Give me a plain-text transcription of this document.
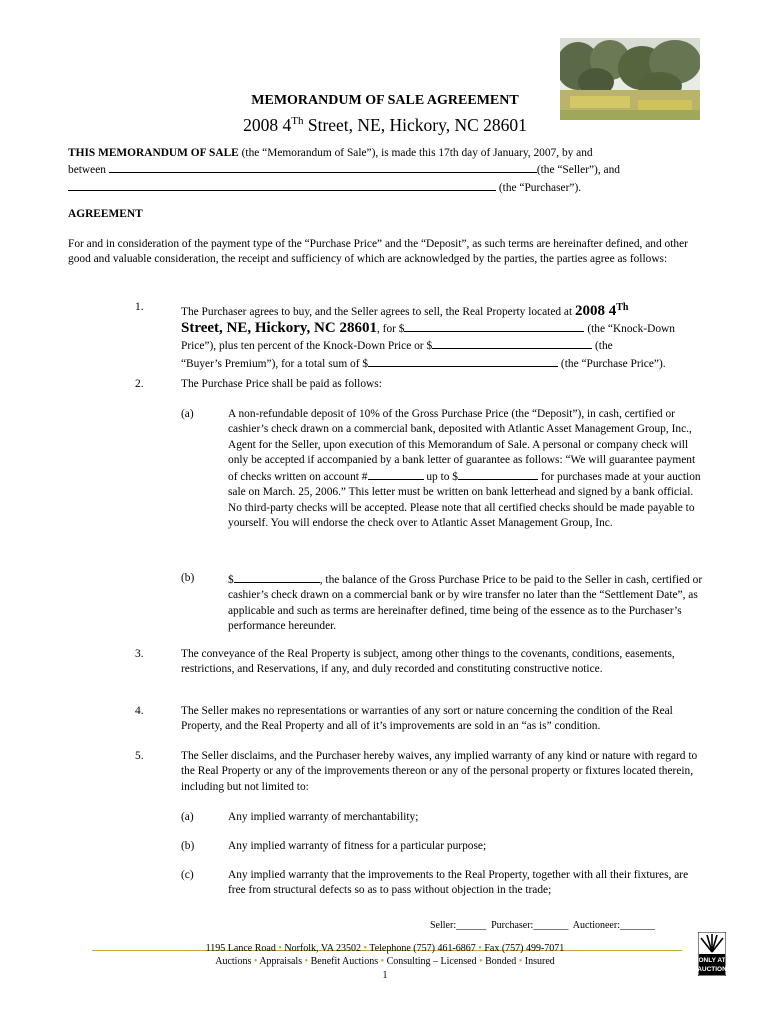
MEMORANDUM OF SALE AGREEMENT
2008 4Th Street, NE, Hickory, NC 28601
THIS MEMORANDUM OF SALE (the “Memorandum of Sale”), is made this 17th day of January, 2007, by and
between	(the “Seller”), and
(the “Purchaser”).
AGREEMENT
For and in consideration of the payment type of the “Purchase Price” and the “Deposit”, as such terms are hereinafter defined, and other good and valuable consideration, the receipt and sufficiency of which are acknowledged by the parties, the parties agree as follows:
1.	The Purchaser agrees to buy, and the Seller agrees to sell, the Real Property located at 2008 4Th
Street, NE, Hickory, NC 28601, for $	(the “Knock-Down
Price”), plus ten percent of the Knock-Down Price or $	(the
“Buyer’s Premium”), for a total sum of $	(the “Purchase Price”).
2.	The Purchase Price shall be paid as follows:
(a)	A non-refundable deposit of 10% of the Gross Purchase Price (the “Deposit”), in cash, certified or cashier’s check drawn on a commercial bank, deposited with Atlantic Asset Management Group, Inc., Agent for the Seller, upon execution of this Memorandum of Sale. A personal or company check will only be accepted if accompanied by a bank letter of guarantee as follows: “We will guarantee payment of checks written on account #	up to $	for purchases made at your auction sale on March. 25, 2006.” This letter must be written on bank letterhead and signed by a bank official. No third-party checks will be accepted. Please note that all certified checks should be made payable to yourself. You will endorse the check over to Atlantic Asset Management Group, Inc.
(b)	$	, the balance of the Gross Purchase Price to be paid to the Seller in cash, certified or cashier’s check drawn on a commercial bank or by wire transfer no later than the “Settlement Date”, as applicable and such as terms are hereinafter defined, time being of the essence as to the Purchaser’s performance hereunder.
3.	The conveyance of the Real Property is subject, among other things to the covenants, conditions, easements, restrictions, and Reservations, if any, and duly recorded and constituting constructive notice.
4.	The Seller makes no representations or warranties of any sort or nature concerning the condition of the Real Property, and the Real Property and all of it’s improvements are sold in an “as is” condition.
5.	The Seller disclaims, and the Purchaser hereby waives, any implied warranty of any kind or nature with regard to the Real Property or any of the improvements thereon or any of the personal property or fixtures located therein, including but not limited to:
(a)	Any implied warranty of merchantability;
(b)	Any implied warranty of fitness for a particular purpose;
(c)	Any implied warranty that the improvements to the Real Property, together with all their fixtures, are free from structural defects so as to pass without objection in the trade;
Seller:______ Purchaser:_______ Auctioneer:_______
1195 Lance Road • Norfolk, VA 23502 • Telephone (757) 461-6867 • Fax (757) 499-7071
Auctions • Appraisals • Benefit Auctions • Consulting – Licensed • Bonded • Insured
1
ONLY AT
AUCTION
